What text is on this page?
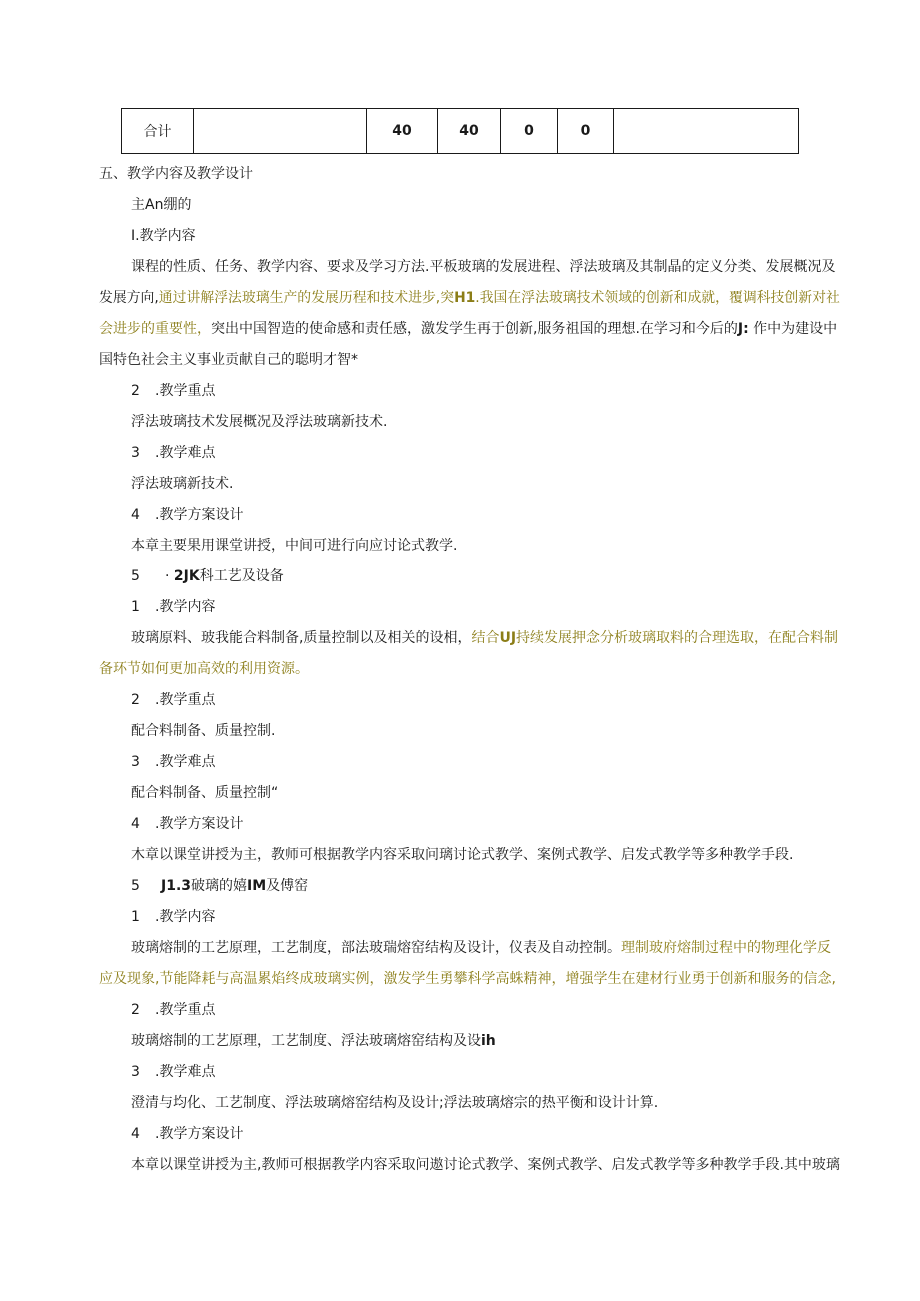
合计		40	40	0	0	
五、教学内容及教学设计
主An绷的
I.教学内容
课程的性质、任务、教学内容、要求及学习方法.平板玻璃的发展进程、浮法玻璃及其制晶的定义分类、发展概况及
发展方向,通过讲解浮法玻璃生产的发展历程和技术进步,突H1.我国在浮法玻璃技术领域的创新和成就，覆调科技创新对社
会进步的重要性，突出中国智造的使命感和责任感，激发学生再于创新,服务祖国的理想.在学习和今后的J: 作中为建设中
国特色社会主义事业贡献自己的聪明才智*
2 .教学重点
浮法玻璃技术发展概况及浮法玻璃新技术.
3 .教学难点
浮法玻璃新技术.
4 .教学方案设计
本章主要果用课堂讲授，中间可进行向应讨论式教学.
5 · 2JK科工艺及设备
1 .教学内容
玻璃原料、玻我能合料制备,质量控制以及相关的设相，结合UJ持续发展押念分析玻璃取料的合理选取，在配合料制
备环节如何更加高效的利用资源。
2 .教学重点
配合料制备、质量控制.
3 .教学难点
配合料制备、质量控制“
4 .教学方案设计
木章以课堂讲授为主，教师可根据教学内容采取问璃讨论式教学、案例式教学、启发式教学等多种教学手段.
5 J1.3破璃的嬉IM及傅窑
1 .教学内容
玻璃熔制的工艺原理，工艺制度，部法玻瑞熔窑结构及设计，仪表及自动控制。理制玻府熔制过程中的物理化学反
应及现象,节能降耗与高温累焰终成玻璃实例，激发学生勇攀科学高蛛精神，增强学生在建材行业勇于创新和服务的信念,
2 .教学重点
玻璃熔制的工艺原理，工艺制度、浮法玻璃熔窑结构及设ih
3 .教学难点
澄清与均化、工艺制度、浮法玻璃熔窑结构及设计;浮法玻璃熔宗的热平衡和设计计算.
4 .教学方案设计
本章以课堂讲授为主,教师可根据教学内容采取问遨讨论式教学、案例式教学、启发式教学等多种教学手段.其中玻璃
